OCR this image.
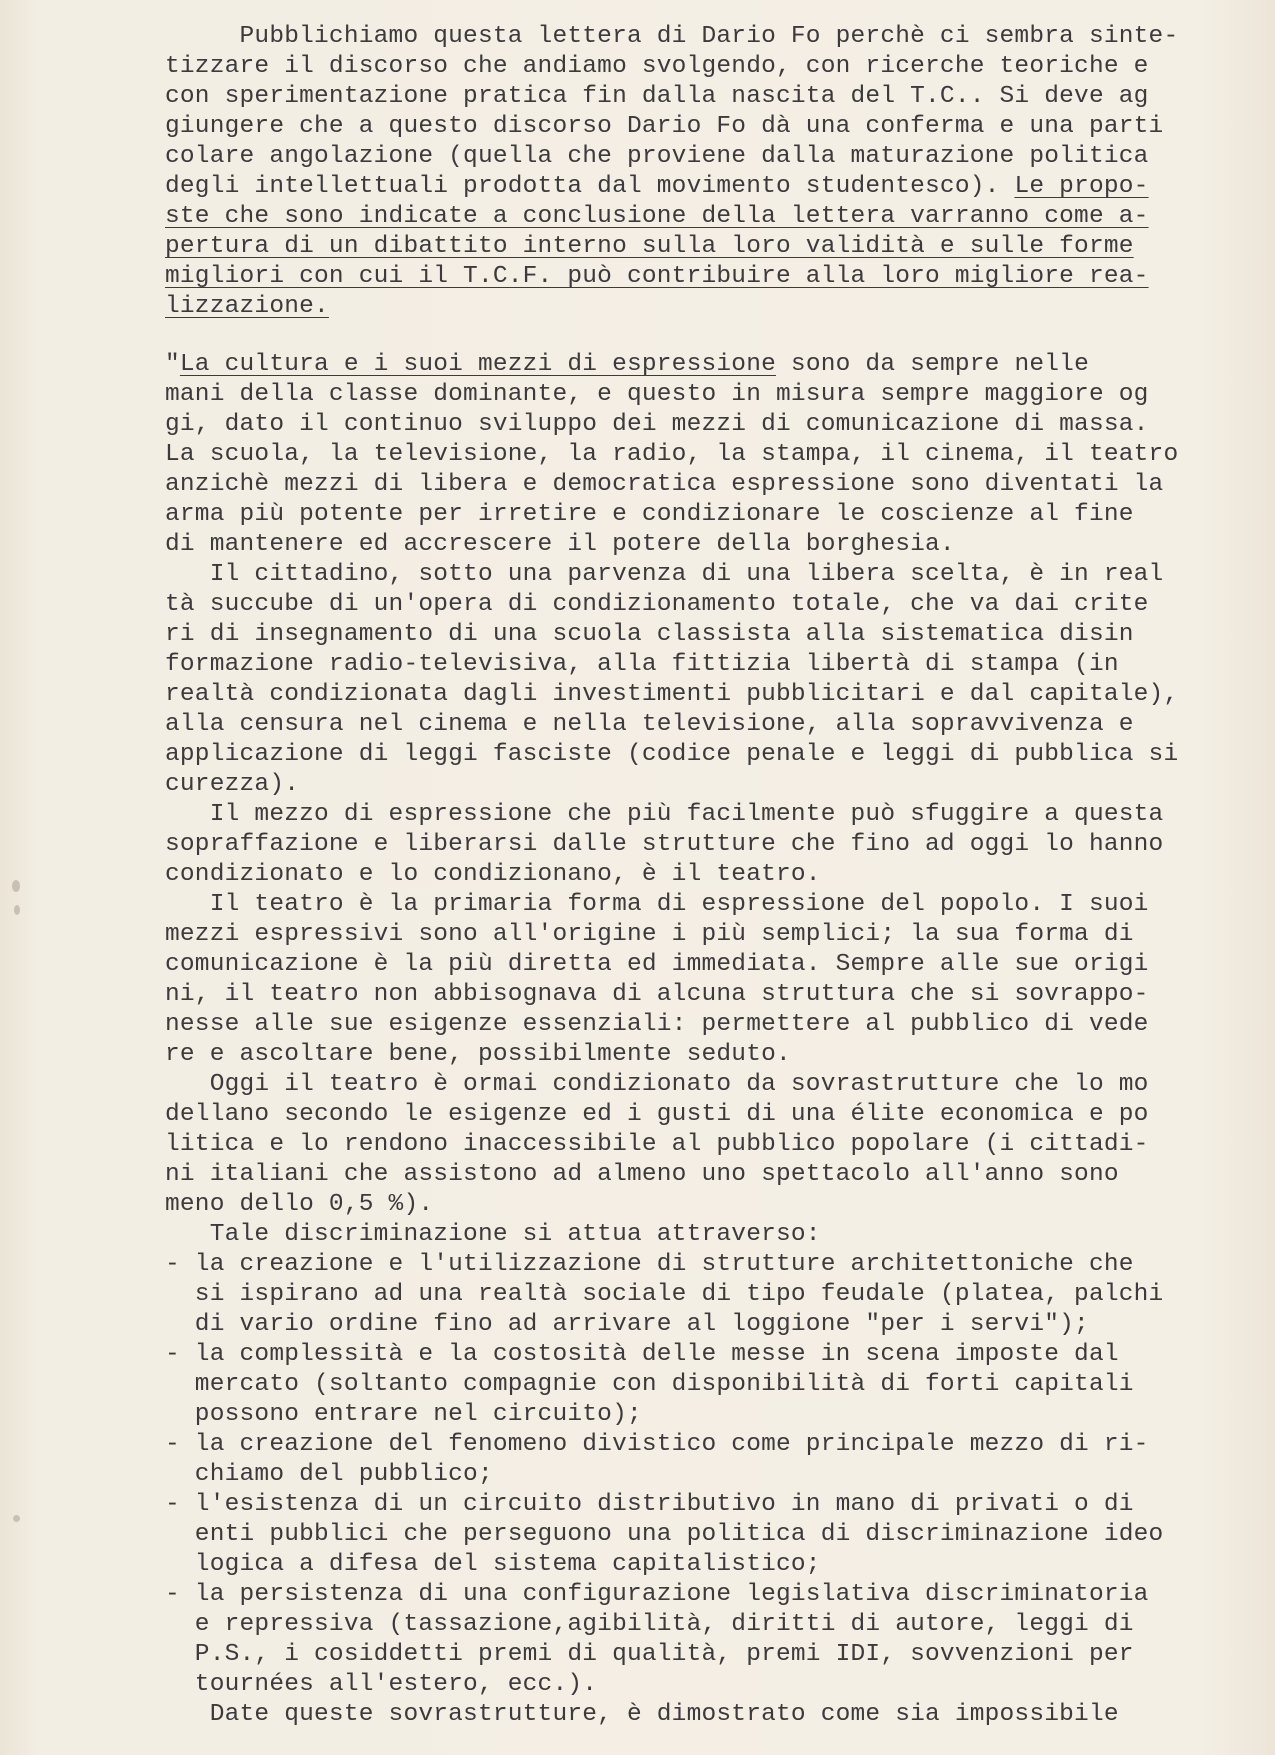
Pubblichiamo questa lettera di Dario Fo perchè ci sembra sinte-
tizzare il discorso che andiamo svolgendo, con ricerche teoriche e
con sperimentazione pratica fin dalla nascita del T.C.. Si deve ag
giungere che a questo discorso Dario Fo dà una conferma e una parti
colare angolazione (quella che proviene dalla maturazione politica
degli intellettuali prodotta dal movimento studentesco). Le propo-
ste che sono indicate a conclusione della lettera varranno come a-
pertura di un dibattito interno sulla loro validità e sulle forme
migliori con cui il T.C.F. può contribuire alla loro migliore rea-
lizzazione.
"La cultura e i suoi mezzi di espressione sono da sempre nelle
mani della classe dominante, e questo in misura sempre maggiore og
gi, dato il continuo sviluppo dei mezzi di comunicazione di massa.
La scuola, la televisione, la radio, la stampa, il cinema, il teatro
anzichè mezzi di libera e democratica espressione sono diventati la
arma più potente per irretire e condizionare le coscienze al fine
di mantenere ed accrescere il potere della borghesia.
Il cittadino, sotto una parvenza di una libera scelta, è in real
tà succube di un'opera di condizionamento totale, che va dai crite
ri di insegnamento di una scuola classista alla sistematica disin
formazione radio-televisiva, alla fittizia libertà di stampa (in
realtà condizionata dagli investimenti pubblicitari e dal capitale),
alla censura nel cinema e nella televisione, alla sopravvivenza e
applicazione di leggi fasciste (codice penale e leggi di pubblica si
curezza).
Il mezzo di espressione che più facilmente può sfuggire a questa
sopraffazione e liberarsi dalle strutture che fino ad oggi lo hanno
condizionato e lo condizionano, è il teatro.
Il teatro è la primaria forma di espressione del popolo. I suoi
mezzi espressivi sono all'origine i più semplici; la sua forma di
comunicazione è la più diretta ed immediata. Sempre alle sue origi
ni, il teatro non abbisognava di alcuna struttura che si sovrappo-
nesse alle sue esigenze essenziali: permettere al pubblico di vede
re e ascoltare bene, possibilmente seduto.
Oggi il teatro è ormai condizionato da sovrastrutture che lo mo
dellano secondo le esigenze ed i gusti di una élite economica e po
litica e lo rendono inaccessibile al pubblico popolare (i cittadi-
ni italiani che assistono ad almeno uno spettacolo all'anno sono
meno dello 0,5 %).
Tale discriminazione si attua attraverso:
- la creazione e l'utilizzazione di strutture architettoniche che
si ispirano ad una realtà sociale di tipo feudale (platea, palchi
di vario ordine fino ad arrivare al loggione "per i servi");
- la complessità e la costosità delle messe in scena imposte dal
mercato (soltanto compagnie con disponibilità di forti capitali
possono entrare nel circuito);
- la creazione del fenomeno divistico come principale mezzo di ri-
chiamo del pubblico;
- l'esistenza di un circuito distributivo in mano di privati o di
enti pubblici che perseguono una politica di discriminazione ideo
logica a difesa del sistema capitalistico;
- la persistenza di una configurazione legislativa discriminatoria
e repressiva (tassazione,agibilità, diritti di autore, leggi di
P.S., i cosiddetti premi di qualità, premi IDI, sovvenzioni per
tournées all'estero, ecc.).
Date queste sovrastrutture, è dimostrato come sia impossibile
